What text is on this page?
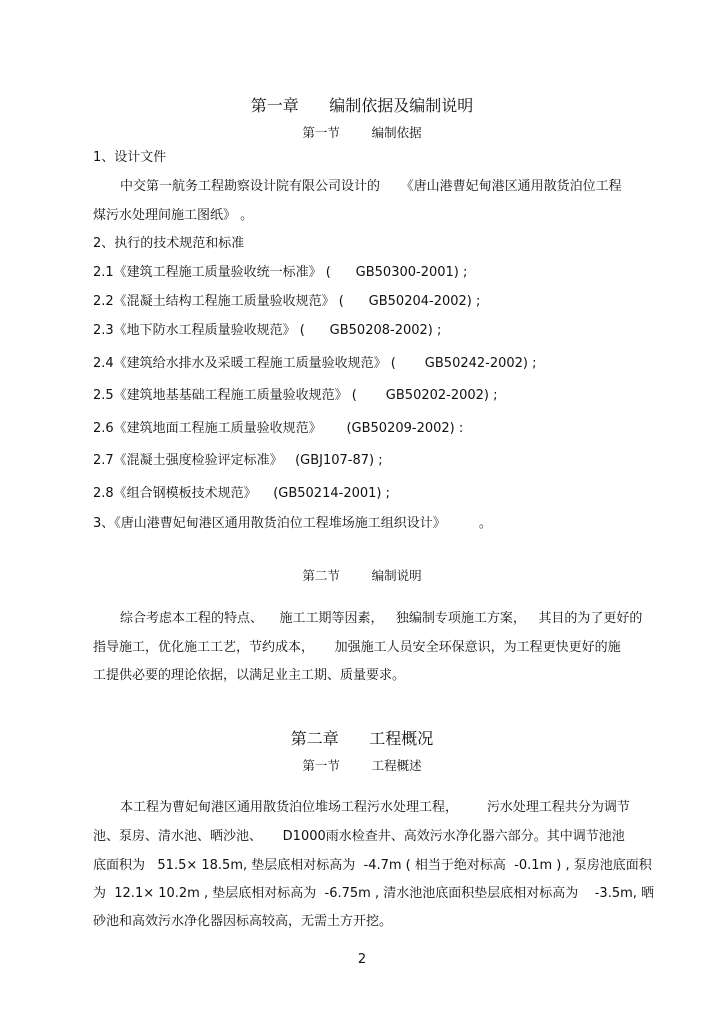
第一章      编制依据及编制说明
第一节        编制依据
1、设计文件
中交第一航务工程勘察设计院有限公司设计的     《唐山港曹妃甸港区通用散货泊位工程
煤污水处理间施工图纸》 。
2、执行的技术规范和标准
2.1《建筑工程施工质量验收统一标准》 (      GB50300-2001) ;
2.2《混凝土结构工程施工质量验收规范》 (      GB50204-2002) ;
2.3《地下防水工程质量验收规范》 (      GB50208-2002) ;
2.4《建筑给水排水及采暖工程施工质量验收规范》 (       GB50242-2002) ;
2.5《建筑地基基础工程施工质量验收规范》 (       GB50202-2002) ;
2.6《建筑地面工程施工质量验收规范》      (GB50209-2002) :
2.7《混凝土强度检验评定标准》   (GBJ107-87) ;
2.8《组合钢模板技术规范》    (GB50214-2001) ;
3、《唐山港曹妃甸港区通用散货泊位工程堆场施工组织设计》        。
第二节        编制说明
综合考虑本工程的特点、    施工工期等因素，   独编制专项施工方案，   其目的为了更好的
指导施工，优化施工工艺，节约成本，     加强施工人员安全环保意识，为工程更快更好的施
工提供必要的理论依据，以满足业主工期、质量要求。
第二章      工程概况
第一节        工程概述
本工程为曹妃甸港区通用散货泊位堆场工程污水处理工程，       污水处理工程共分为调节
池、泵房、清水池、晒沙池、     D1000雨水检查井、高效污水净化器六部分。其中调节池池
底面积为   51.5× 18.5m, 垫层底相对标高为  -4.7m ( 相当于绝对标高  -0.1m ) , 泵房池底面积
为  12.1× 10.2m , 垫层底相对标高为  -6.75m , 清水池池底面积垫层底相对标高为    -3.5m, 晒
砂池和高效污水净化器因标高较高，无需土方开挖。
2
